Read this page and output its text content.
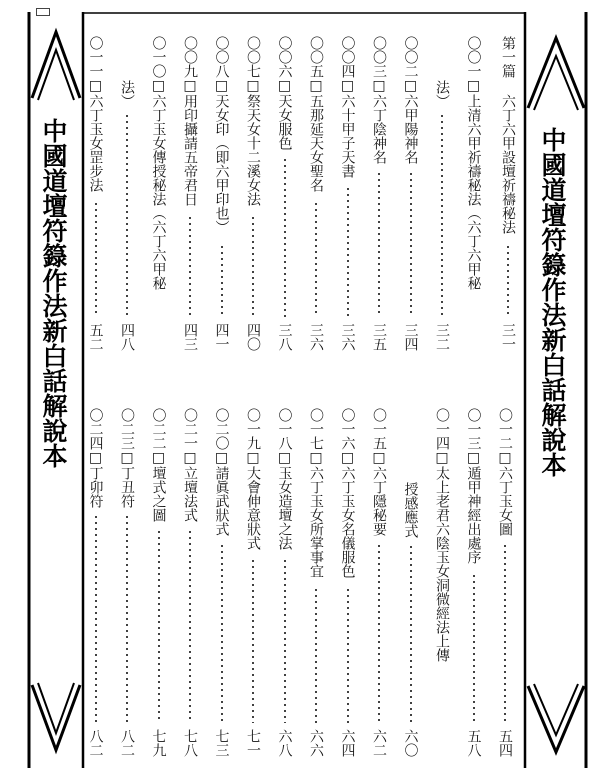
中國道壇符籙作法新白話解說本	中國道壇符籙作法新白話解說本
第一篇 六丁六甲設壇祈禱秘法
三一
〇〇一□上清六甲祈禱秘法（六丁六甲秘
法）
三二
〇〇二□六甲陽神名
三四
〇〇三□六丁陰神名
三五
〇〇四□六十甲子天書
三六
〇〇五□五那延天女聖名
三六
〇〇六□天女服色
三八
〇〇七□祭天女十二溪女法
四〇
〇〇八□天女印（即六甲印也）
四一
〇〇九□用印攝請五帝君日
四三
〇一〇□六丁玉女傳授秘法（六丁六甲秘
法）
四八
〇一一□六丁玉女罡步法
五二
〇一二□六丁玉女圖
五四
〇一三□遁甲神經出處序
五八
〇一四□太上老君六陰玉女洞微經法上傳
授感應式
六〇
〇一五□六丁隱秘要
六二
〇一六□六丁玉女名儀服色
六四
〇一七□六丁玉女所掌事宜
六六
〇一八□玉女造壇之法
六八
〇一九□大會伸意狀式
七一
〇二〇□請眞武狀式
七三
〇二一□立壇法式
七八
〇二二□壇式之圖
七九
〇二三□丁丑符
八二
〇二四□丁卯符
八二
